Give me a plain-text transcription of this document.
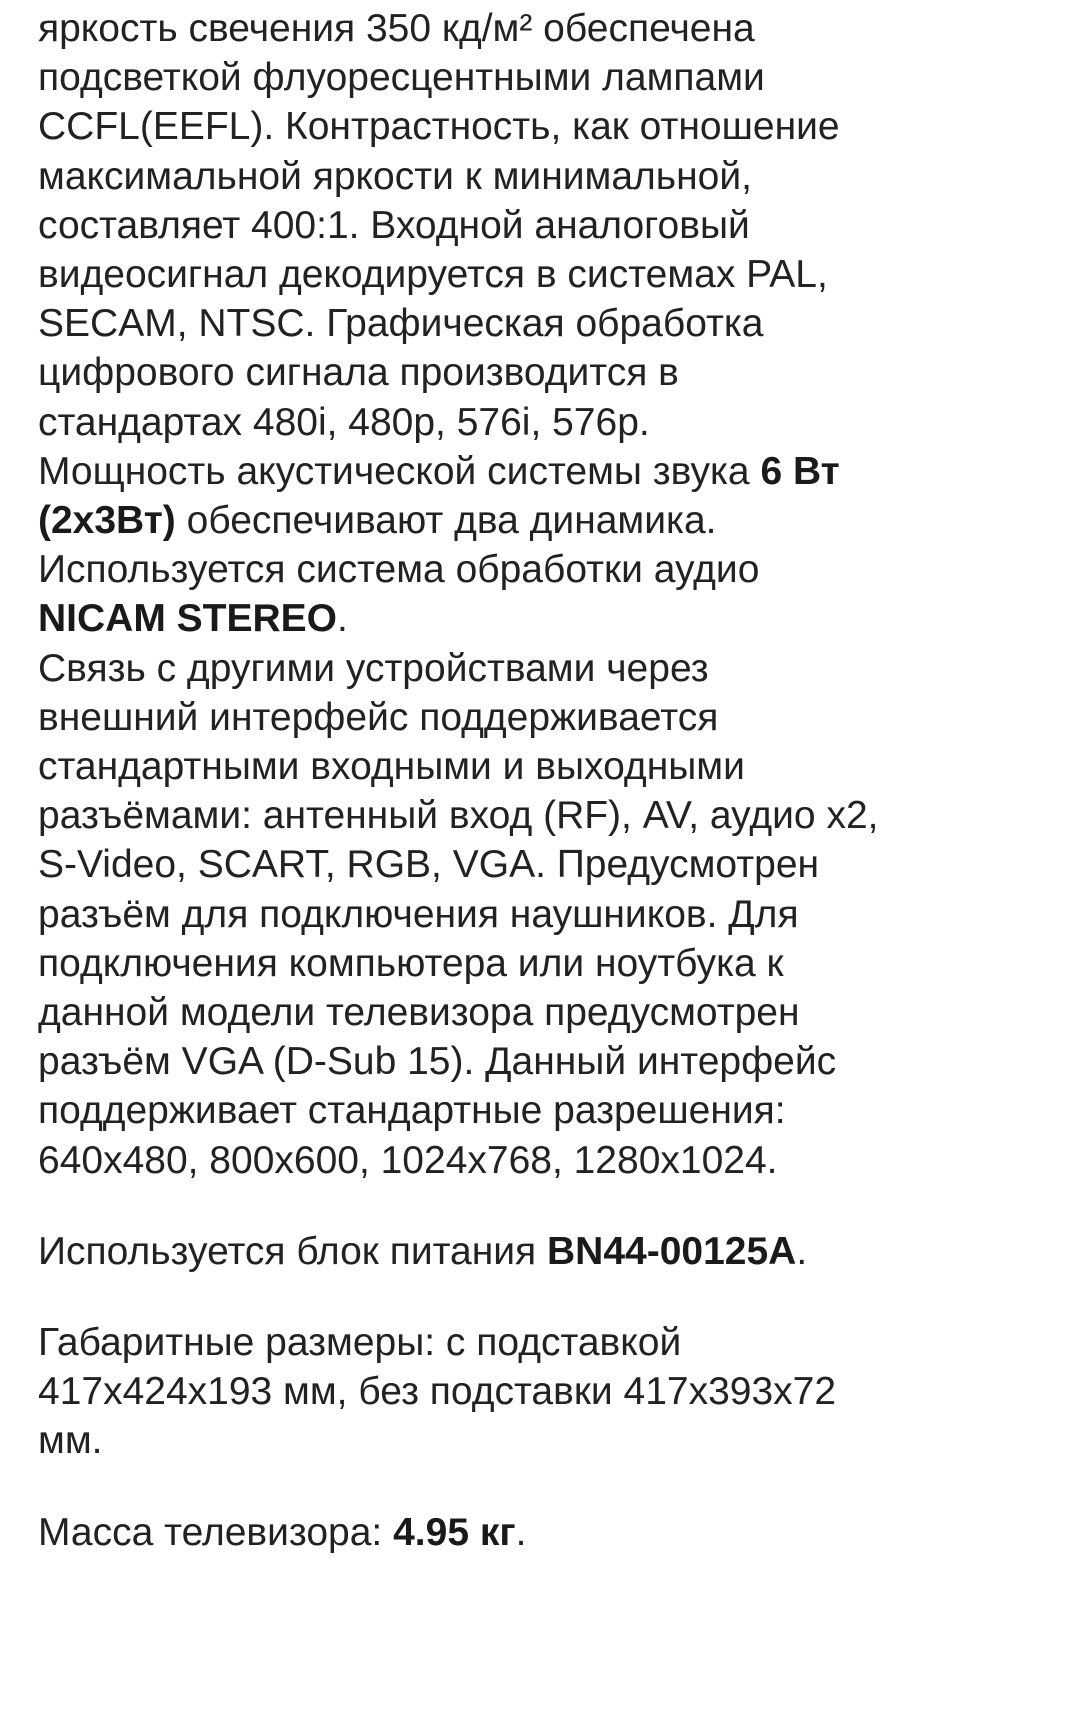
яркость свечения 350 кд/м² обеспечена
подсветкой флуоресцентными лампами
CCFL(EEFL). Контрастность, как отношение
максимальной яркости к минимальной,
составляет 400:1. Входной аналоговый
видеосигнал декодируется в системах PAL,
SECAM, NTSC. Графическая обработка
цифрового сигнала производится в
стандартах 480i, 480p, 576i, 576p.
Мощность акустической системы звука 6 Вт
(2х3Вт) обеспечивают два динамика.
Используется система обработки аудио
NICAM STEREO.
Связь с другими устройствами через
внешний интерфейс поддерживается
стандартными входными и выходными
разъёмами: антенный вход (RF), AV, аудио х2,
S-Video, SCART, RGB, VGA. Предусмотрен
разъём для подключения наушников. Для
подключения компьютера или ноутбука к
данной модели телевизора предусмотрен
разъём VGA (D-Sub 15). Данный интерфейс
поддерживает стандартные разрешения:
640x480, 800x600, 1024x768, 1280x1024.
Используется блок питания BN44-00125A.
Габаритные размеры: с подставкой
417x424x193 мм, без подставки 417x393x72
мм.
Масса телевизора: 4.95 кг.
